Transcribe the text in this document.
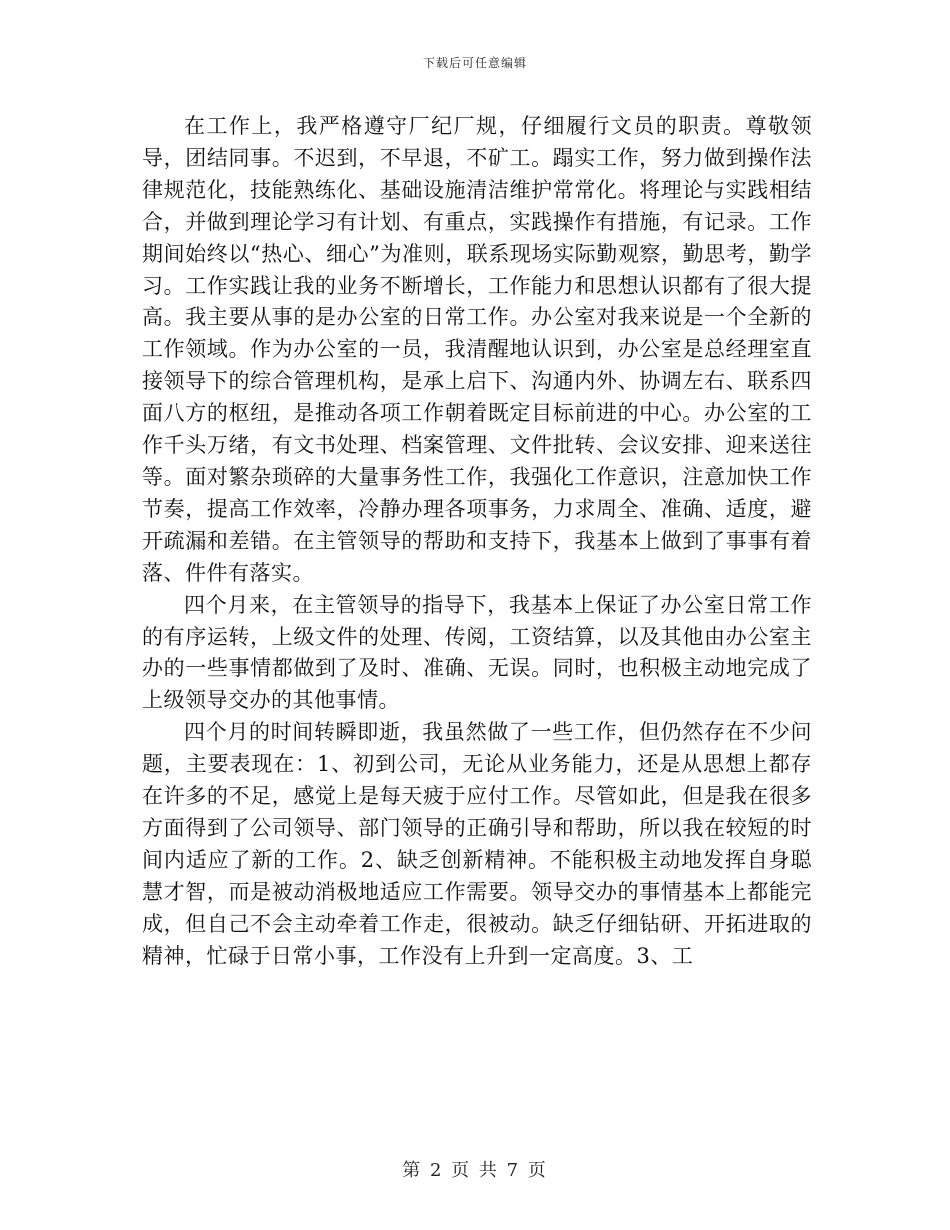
下载后可任意编辑

在工作上，我严格遵守厂纪厂规，仔细履行文员的职责。尊敬领导，团结同事。不迟到，不早退，不矿工。蹋实工作，努力做到操作法律规范化，技能熟练化、基础设施清洁维护常常化。将理论与实践相结合，并做到理论学习有计划、有重点，实践操作有措施，有记录。工作期间始终以“热心、细心”为准则，联系现场实际勤观察，勤思考，勤学习。工作实践让我的业务不断增长，工作能力和思想认识都有了很大提高。我主要从事的是办公室的日常工作。办公室对我来说是一个全新的工作领域。作为办公室的一员，我清醒地认识到，办公室是总经理室直接领导下的综合管理机构，是承上启下、沟通内外、协调左右、联系四面八方的枢纽，是推动各项工作朝着既定目标前进的中心。办公室的工作千头万绪，有文书处理、档案管理、文件批转、会议安排、迎来送往等。面对繁杂琐碎的大量事务性工作，我强化工作意识，注意加快工作节奏，提高工作效率，冷静办理各项事务，力求周全、准确、适度，避开疏漏和差错。在主管领导的帮助和支持下，我基本上做到了事事有着落、件件有落实。

四个月来，在主管领导的指导下，我基本上保证了办公室日常工作的有序运转，上级文件的处理、传阅，工资结算，以及其他由办公室主办的一些事情都做到了及时、准确、无误。同时，也积极主动地完成了上级领导交办的其他事情。

四个月的时间转瞬即逝，我虽然做了一些工作，但仍然存在不少问题，主要表现在：1、初到公司，无论从业务能力，还是从思想上都存在许多的不足，感觉上是每天疲于应付工作。尽管如此，但是我在很多方面得到了公司领导、部门领导的正确引导和帮助，所以我在较短的时间内适应了新的工作。2、缺乏创新精神。不能积极主动地发挥自身聪慧才智，而是被动消极地适应工作需要。领导交办的事情基本上都能完成，但自己不会主动牵着工作走，很被动。缺乏仔细钻研、开拓进取的精神，忙碌于日常小事，工作没有上升到一定高度。3、工

第 2 页 共 7 页
